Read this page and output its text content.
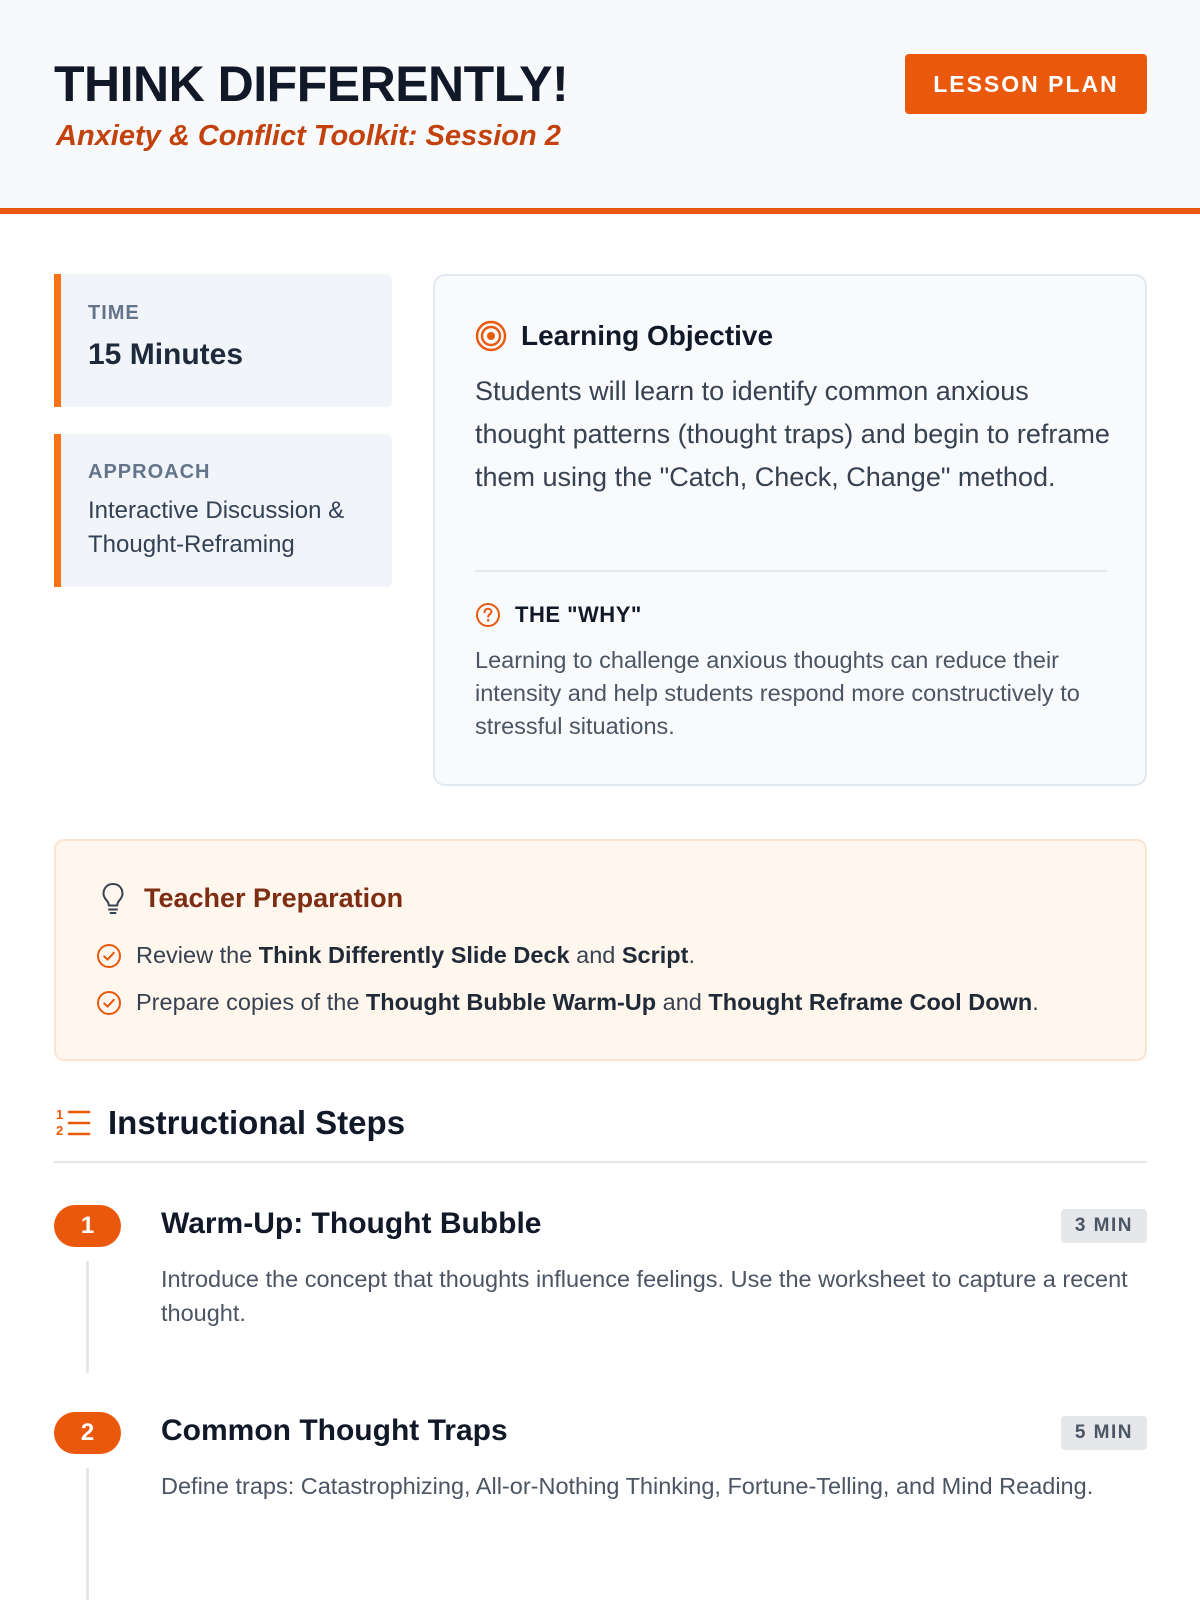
THINK DIFFERENTLY!
Anxiety & Conflict Toolkit: Session 2
LESSON PLAN
TIME
15 Minutes
APPROACH
Interactive Discussion & Thought-Reframing
Learning Objective
Students will learn to identify common anxious thought patterns (thought traps) and begin to reframe them using the "Catch, Check, Change" method.
THE "WHY"
Learning to challenge anxious thoughts can reduce their intensity and help students respond more constructively to stressful situations.
Teacher Preparation
Review the Think Differently Slide Deck and Script.
Prepare copies of the Thought Bubble Warm-Up and Thought Reframe Cool Down.
1
2 Instructional Steps
1	Warm-Up: Thought Bubble	3 MIN
Introduce the concept that thoughts influence feelings. Use the worksheet to capture a recent thought.
2	Common Thought Traps	5 MIN
Define traps: Catastrophizing, All-or-Nothing Thinking, Fortune-Telling, and Mind Reading.
